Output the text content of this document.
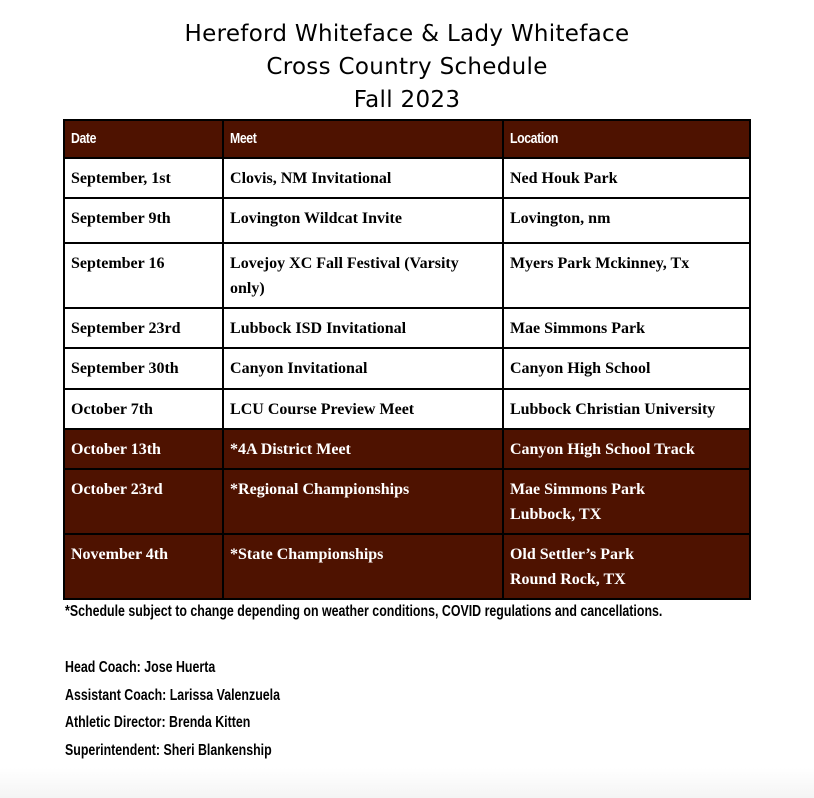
Hereford Whiteface & Lady Whiteface
Cross Country Schedule
Fall 2023
Date	Meet	Location
September, 1st	Clovis, NM Invitational	Ned Houk Park
September 9th	Lovington Wildcat Invite	Lovington, nm
September 16	Lovejoy XC Fall Festival (Varsity only)	Myers Park Mckinney, Tx
September 23rd	Lubbock ISD Invitational	Mae Simmons Park
September 30th	Canyon Invitational	Canyon High School
October 7th	LCU Course Preview Meet	Lubbock Christian University
October 13th	*4A District Meet	Canyon High School Track
October 23rd	*Regional Championships	Mae Simmons Park
Lubbock, TX

November 4th	*State Championships	Old Settler’s Park
Round Rock, TX
*Schedule subject to change depending on weather conditions, COVID regulations and cancellations.
Head Coach: Jose Huerta
Assistant Coach: Larissa Valenzuela
Athletic Director: Brenda Kitten
Superintendent: Sheri Blankenship
